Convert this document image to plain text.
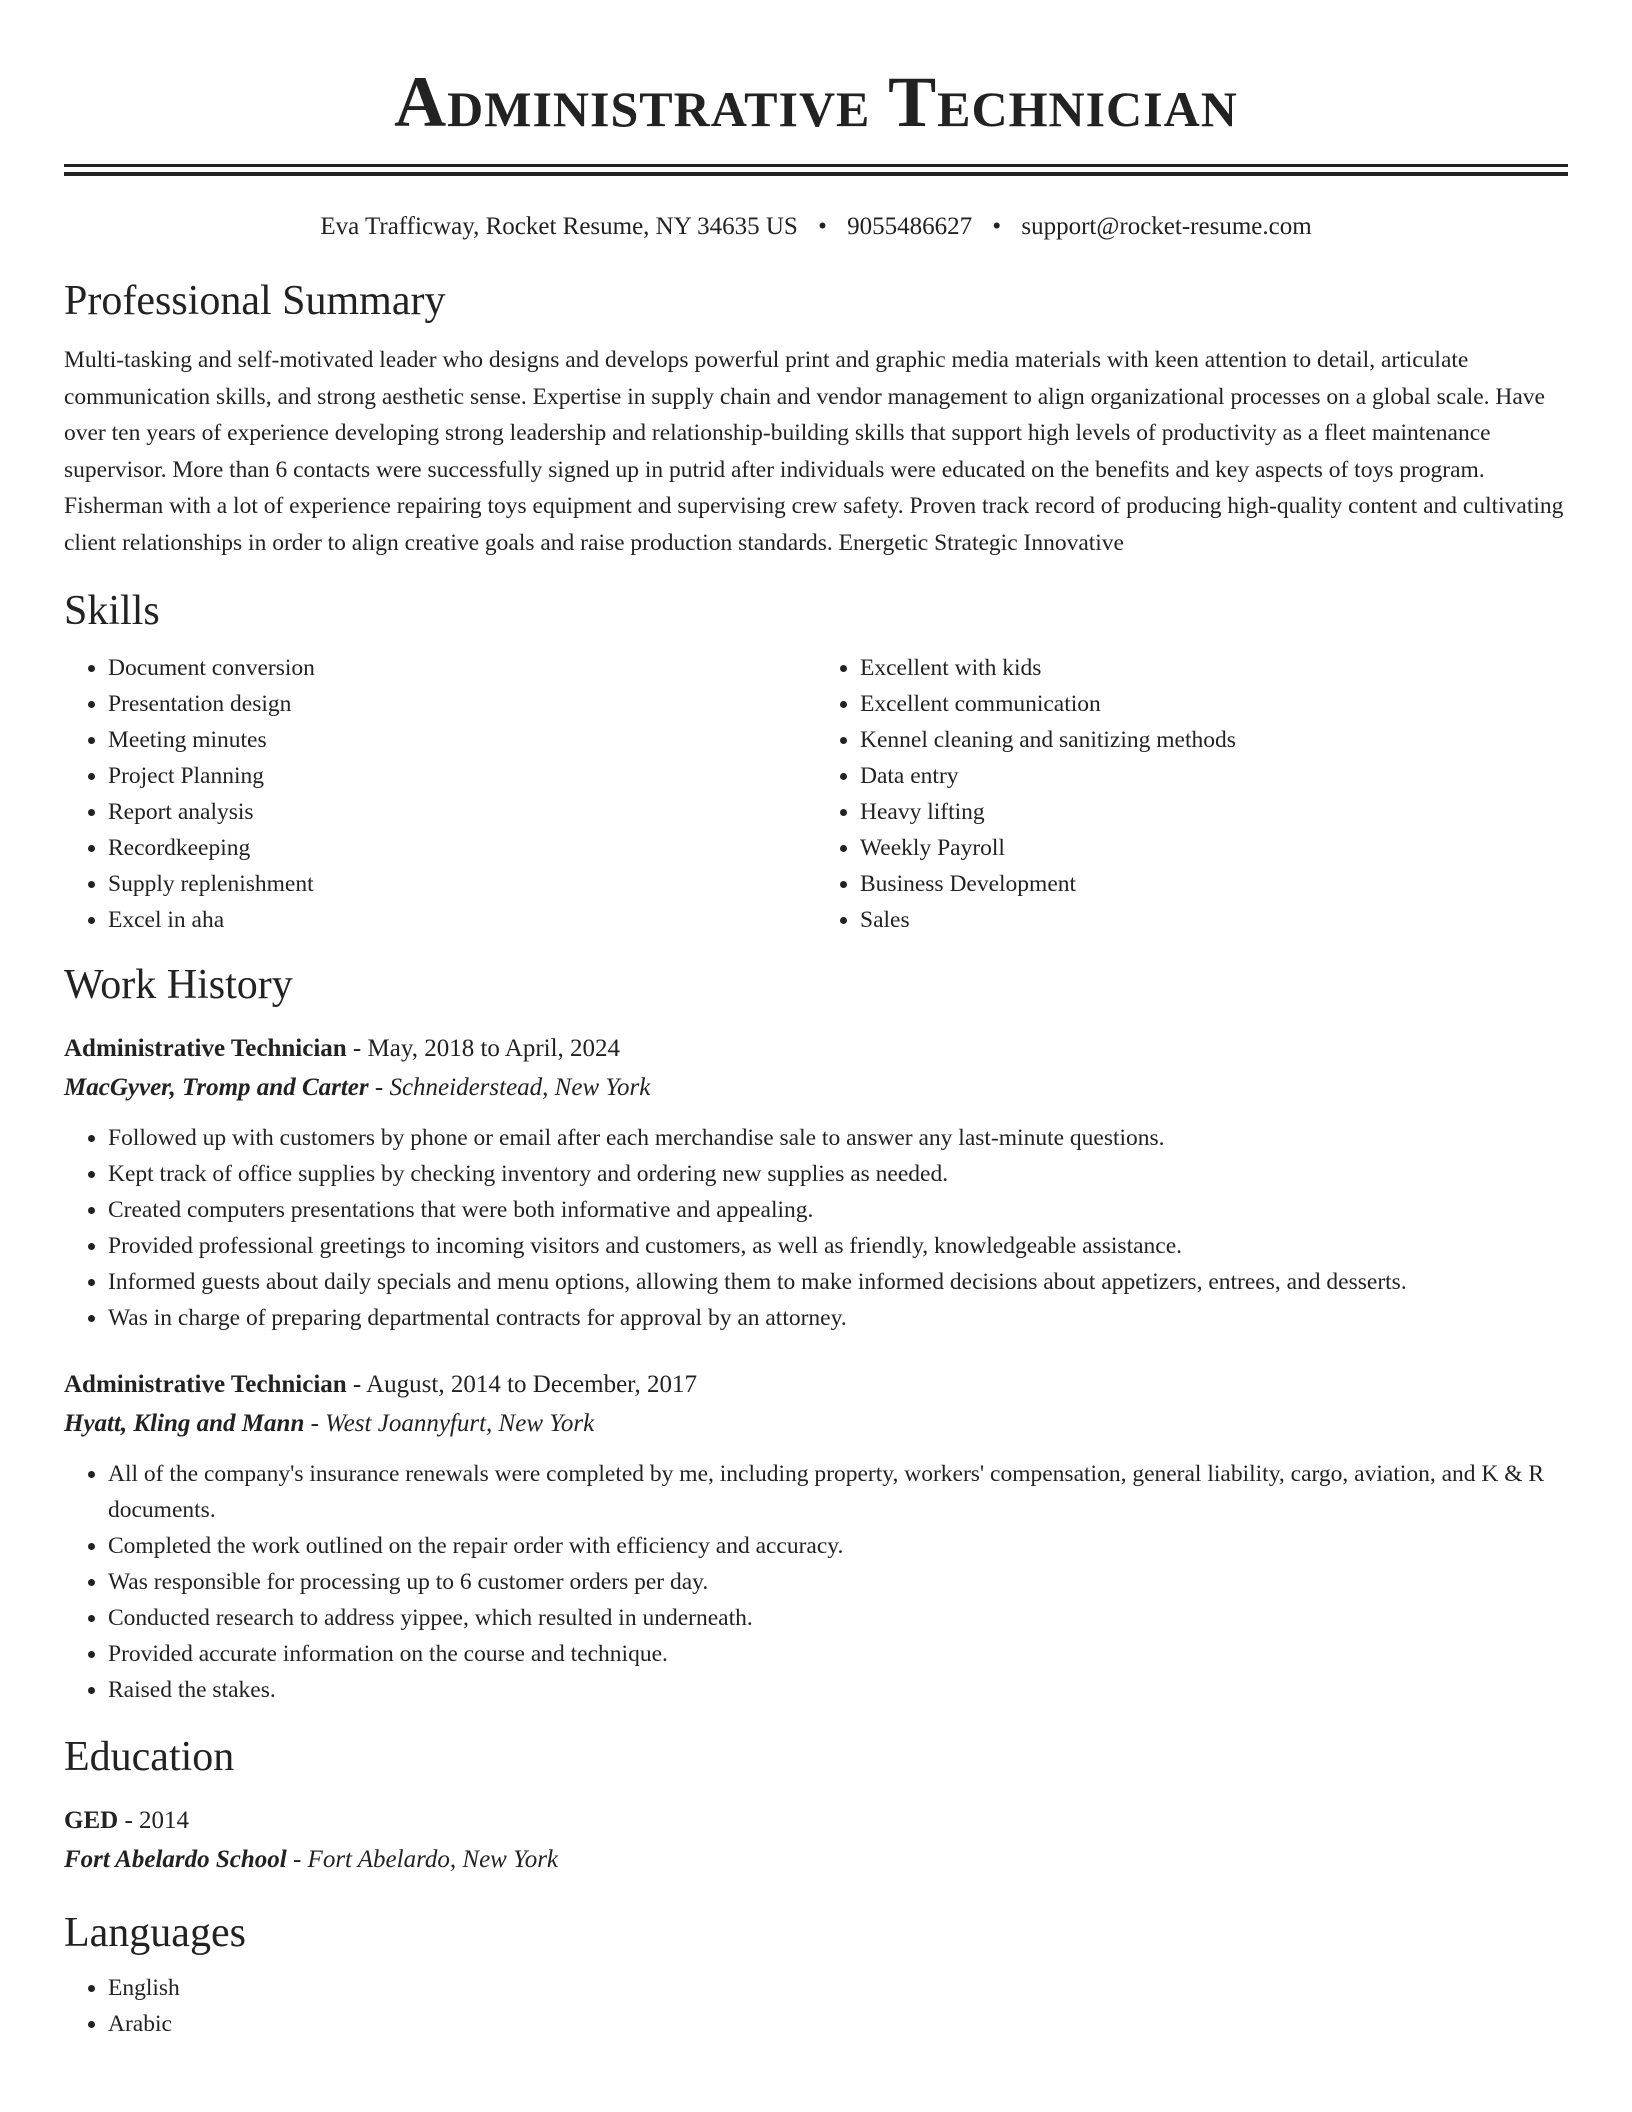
Administrative Technician
Eva Trafficway, Rocket Resume, NY 34635 US • 9055486627 • support@rocket-resume.com
Professional Summary

Multi-tasking and self-motivated leader who designs and develops powerful print and graphic media materials with keen attention to detail, articulate communication skills, and strong aesthetic sense. Expertise in supply chain and vendor management to align organizational processes on a global scale. Have over ten years of experience developing strong leadership and relationship-building skills that support high levels of productivity as a fleet maintenance supervisor. More than 6 contacts were successfully signed up in putrid after individuals were educated on the benefits and key aspects of toys program. Fisherman with a lot of experience repairing toys equipment and supervising crew safety. Proven track record of producing high-quality content and cultivating client relationships in order to align creative goals and raise production standards. Energetic Strategic Innovative

Skills
• Document conversion
• Presentation design
• Meeting minutes
• Project Planning
• Report analysis
• Recordkeeping
• Supply replenishment
• Excel in aha
• Excellent with kids
• Excellent communication
• Kennel cleaning and sanitizing methods
• Data entry
• Heavy lifting
• Weekly Payroll
• Business Development
• Sales
Work History
Administrative Technician - May, 2018 to April, 2024
MacGyver, Tromp and Carter - Schneiderstead, New York
• Followed up with customers by phone or email after each merchandise sale to answer any last-minute questions.
• Kept track of office supplies by checking inventory and ordering new supplies as needed.
• Created computers presentations that were both informative and appealing.
• Provided professional greetings to incoming visitors and customers, as well as friendly, knowledgeable assistance.
• Informed guests about daily specials and menu options, allowing them to make informed decisions about appetizers, entrees, and desserts.
• Was in charge of preparing departmental contracts for approval by an attorney.
Administrative Technician - August, 2014 to December, 2017
Hyatt, Kling and Mann - West Joannyfurt, New York
• All of the company's insurance renewals were completed by me, including property, workers' compensation, general liability, cargo, aviation, and K & R documents.
• Completed the work outlined on the repair order with efficiency and accuracy.
• Was responsible for processing up to 6 customer orders per day.
• Conducted research to address yippee, which resulted in underneath.
• Provided accurate information on the course and technique.
• Raised the stakes.
Education
GED - 2014
Fort Abelardo School - Fort Abelardo, New York
Languages
• English
• Arabic
